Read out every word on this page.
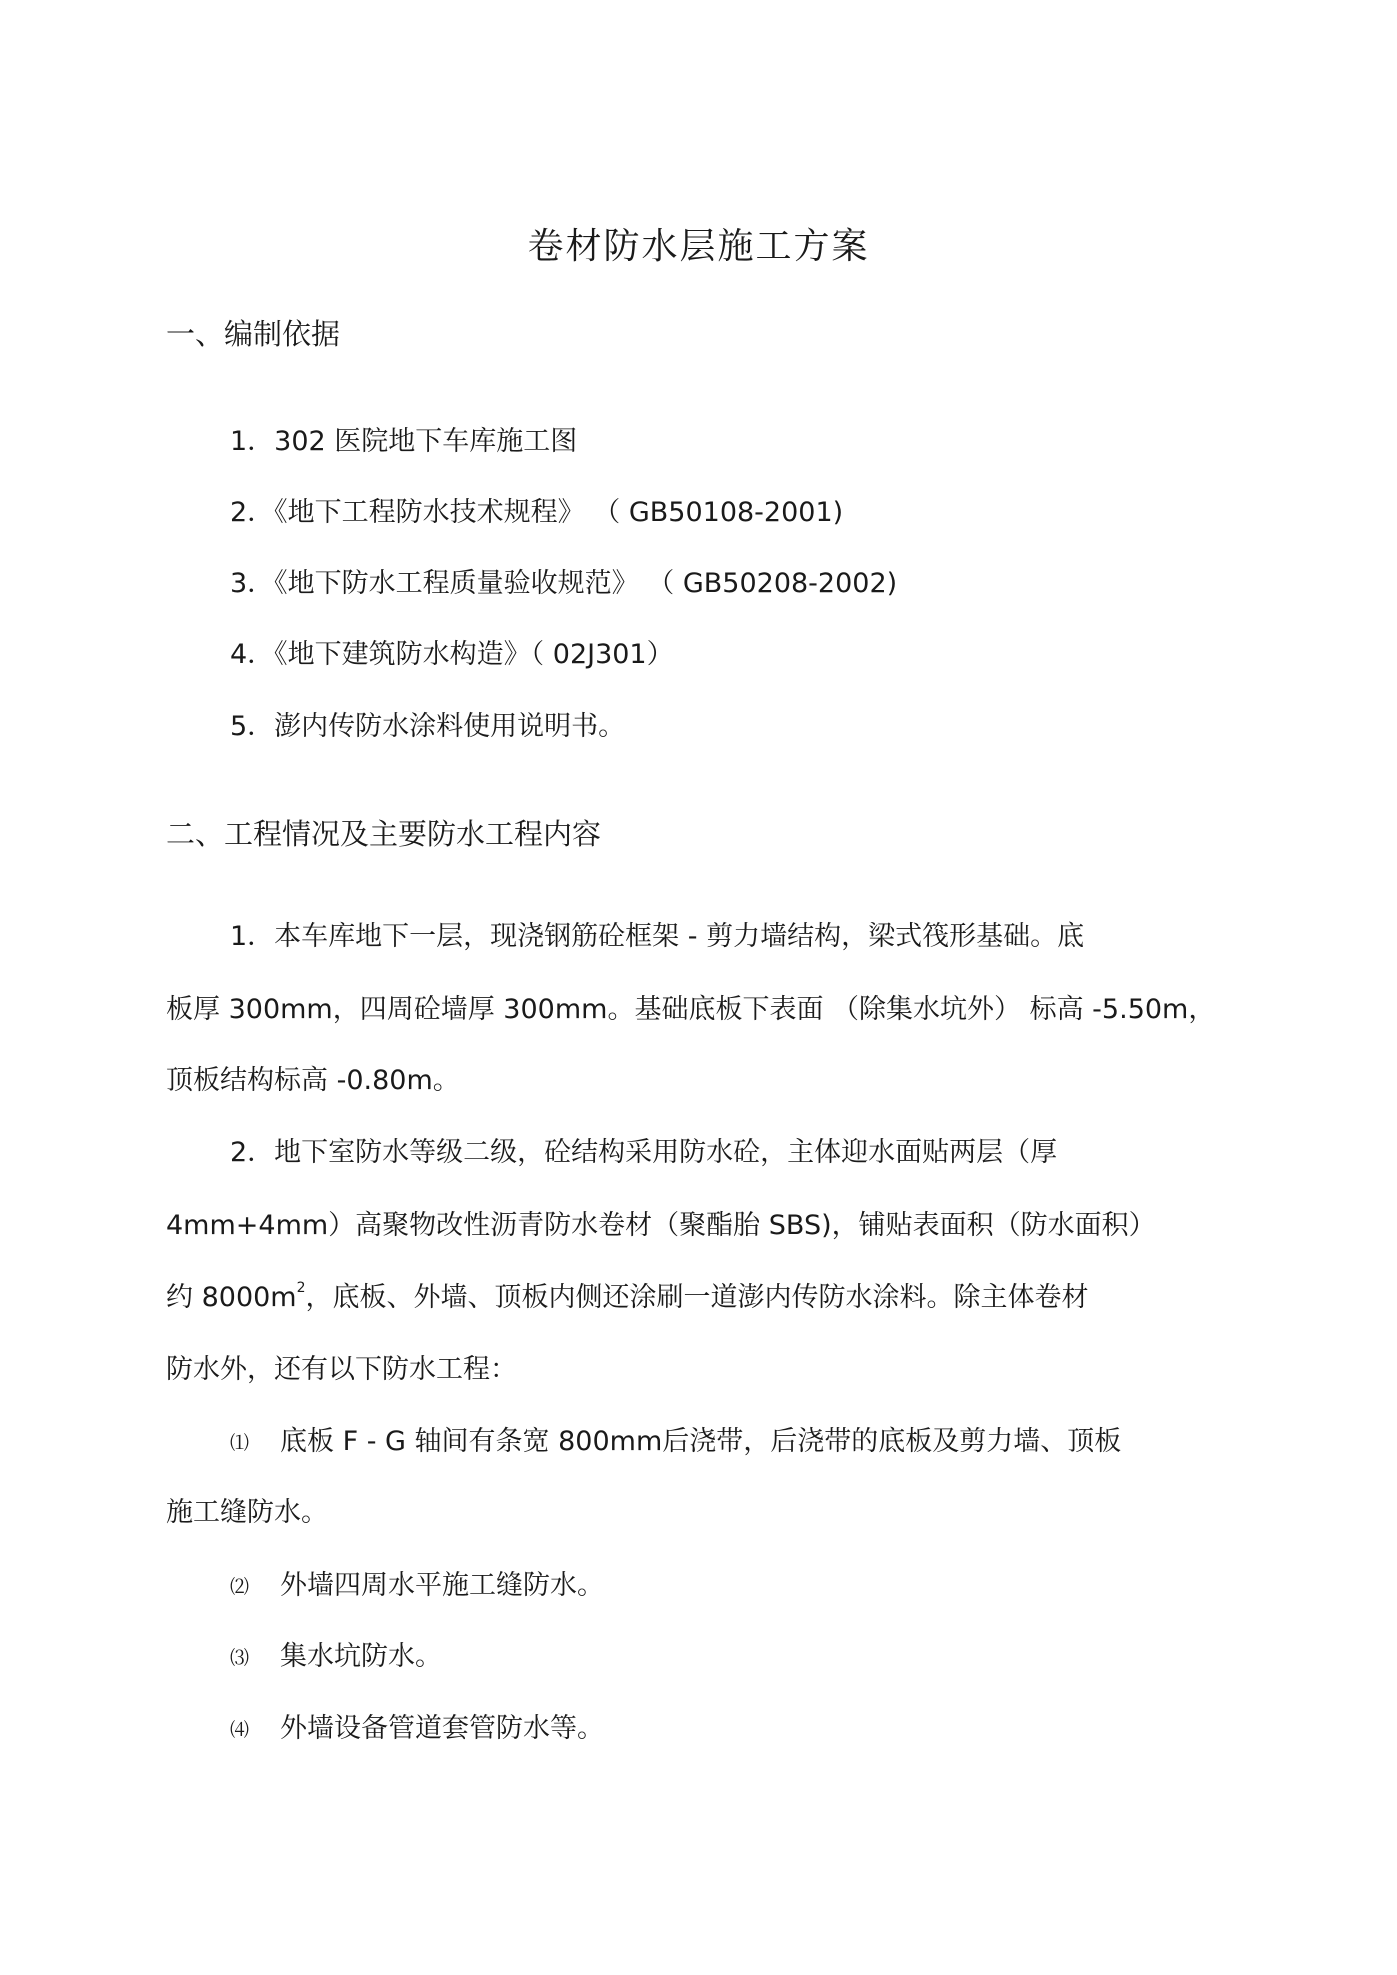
卷材防水层施工方案
一、编制依据
1．302 医院地下车库施工图
2．《地下工程防水技术规程》 （ GB50108-2001)
3．《地下防水工程质量验收规范》 （ GB50208-2002)
4．《地下建筑防水构造》（ 02J301）
5．澎内传防水涂料使用说明书。
二、工程情况及主要防水工程内容
1．本车库地下一层，现浇钢筋砼框架 - 剪力墙结构，梁式筏形基础。底
板厚 300mm，四周砼墙厚 300mm。基础底板下表面 （除集水坑外） 标高 -5.50m，
顶板结构标高 -0.80m。
2．地下室防水等级二级，砼结构采用防水砼，主体迎水面贴两层（厚
4mm+4mm）高聚物改性沥青防水卷材（聚酯胎 SBS)，铺贴表面积（防水面积）
约 $8000m^2$，底板、外墙、顶板内侧还涂刷一道澎内传防水涂料。除主体卷材
防水外，还有以下防水工程：
⑴ 底板 F - G 轴间有条宽 800mm后浇带，后浇带的底板及剪力墙、顶板
施工缝防水。
⑵ 外墙四周水平施工缝防水。
⑶ 集水坑防水。
⑷ 外墙设备管道套管防水等。
